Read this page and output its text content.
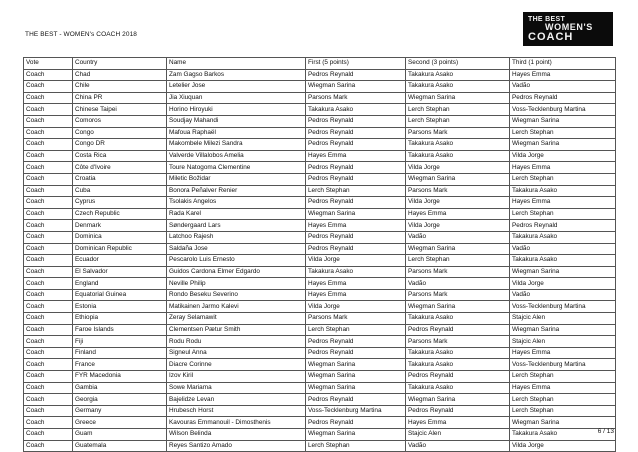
THE BEST - WOMEN's COACH 2018
THE BEST
WOMEN'S
COACH
Vote	Country	Name	First (5 points)	Second (3 points)	Third (1 point)
Coach	Chad	Zam Gagso Barkos	Pedros Reynald	Takakura Asako	Hayes Emma
Coach	Chile	Letelier Jose	Wiegman Sarina	Takakura Asako	Vadão
Coach	China PR	Jia Xiuquan	Parsons Mark	Wiegman Sarina	Pedros Reynald
Coach	Chinese Taipei	Horino Hiroyuki	Takakura Asako	Lerch Stephan	Voss-Tecklenburg Martina
Coach	Comoros	Soudjay Mahandi	Pedros Reynald	Lerch Stephan	Wiegman Sarina
Coach	Congo	Mafoua Raphaël	Pedros Reynald	Parsons Mark	Lerch Stephan
Coach	Congo DR	Makombele Milezi Sandra	Pedros Reynald	Takakura Asako	Wiegman Sarina
Coach	Costa Rica	Valverde Villalobos Amelia	Hayes Emma	Takakura Asako	Vilda Jorge
Coach	Côte d'Ivoire	Toure Natogoma Clementine	Pedros Reynald	Vilda Jorge	Hayes Emma
Coach	Croatia	Miletic Božidar	Pedros Reynald	Wiegman Sarina	Lerch Stephan
Coach	Cuba	Bonora Peñalver Renier	Lerch Stephan	Parsons Mark	Takakura Asako
Coach	Cyprus	Tsolakis Angelos	Pedros Reynald	Vilda Jorge	Hayes Emma
Coach	Czech Republic	Rada Karel	Wiegman Sarina	Hayes Emma	Lerch Stephan
Coach	Denmark	Søndergaard Lars	Hayes Emma	Vilda Jorge	Pedros Reynald
Coach	Dominica	Latchoo Rajesh	Pedros Reynald	Vadão	Takakura Asako
Coach	Dominican Republic	Saldaña Jose	Pedros Reynald	Wiegman Sarina	Vadão
Coach	Ecuador	Pescarolo Luis Ernesto	Vilda Jorge	Lerch Stephan	Takakura Asako
Coach	El Salvador	Guidos Cardona Elmer Edgardo	Takakura Asako	Parsons Mark	Wiegman Sarina
Coach	England	Neville Philip	Hayes Emma	Vadão	Vilda Jorge
Coach	Equatorial Guinea	Rondo Beseku Severino	Hayes Emma	Parsons Mark	Vadão
Coach	Estonia	Matikainen Jarmo Kalevi	Vilda Jorge	Wiegman Sarina	Voss-Tecklenburg Martina
Coach	Ethiopia	Zeray Selamawit	Parsons Mark	Takakura Asako	Stajcic Alen
Coach	Faroe Islands	Clementsen Pætur Smith	Lerch Stephan	Pedros Reynald	Wiegman Sarina
Coach	Fiji	Rodu Rodu	Pedros Reynald	Parsons Mark	Stajcic Alen
Coach	Finland	Signeul Anna	Pedros Reynald	Takakura Asako	Hayes Emma
Coach	France	Diacre Corinne	Wiegman Sarina	Takakura Asako	Voss-Tecklenburg Martina
Coach	FYR Macedonia	Izov Kiril	Wiegman Sarina	Pedros Reynald	Lerch Stephan
Coach	Gambia	Sowe Mariama	Wiegman Sarina	Takakura Asako	Hayes Emma
Coach	Georgia	Bajelidze Levan	Pedros Reynald	Wiegman Sarina	Lerch Stephan
Coach	Germany	Hrubesch Horst	Voss-Tecklenburg Martina	Pedros Reynald	Lerch Stephan
Coach	Greece	Kavouras Emmanouil - Dimosthenis	Pedros Reynald	Hayes Emma	Wiegman Sarina
Coach	Guam	Wilson Belinda	Wiegman Sarina	Stajcic Alen	Takakura Asako
Coach	Guatemala	Reyes Santizo Amado	Lerch Stephan	Vadão	Vilda Jorge
6 / 13
